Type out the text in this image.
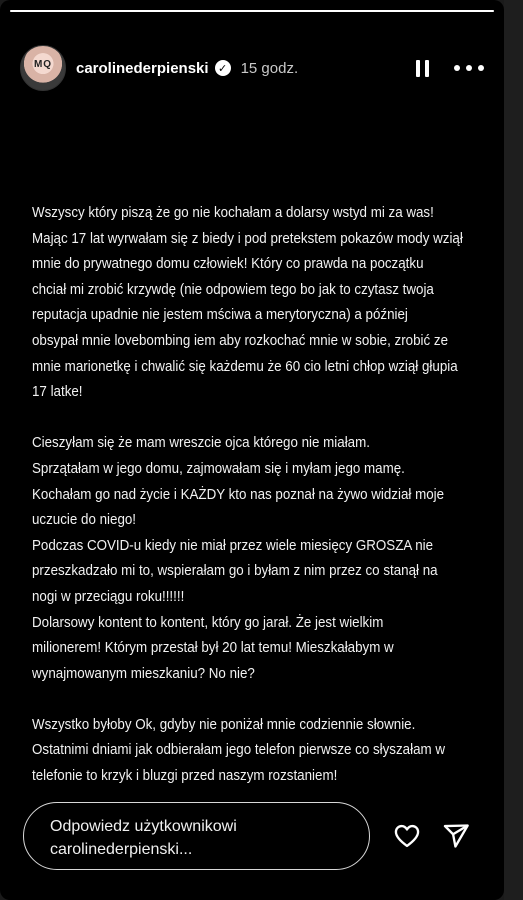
MQ	carolinederpienski ✓ 15 godz.
Wszyscy który piszą że go nie kochałam a dolarsy wstyd mi za was!
Mając 17 lat wyrwałam się z biedy i pod pretekstem pokazów mody wziął
mnie do prywatnego domu człowiek! Który co prawda na początku
chciał mi zrobić krzywdę (nie odpowiem tego bo jak to czytasz twoja
reputacja upadnie nie jestem mściwa a merytoryczna) a później
obsypał mnie lovebombing iem aby rozkochać mnie w sobie, zrobić ze
mnie marionetkę i chwalić się każdemu że 60 cio letni chłop wziął głupia
17 latke!

Cieszyłam się że mam wreszcie ojca którego nie miałam.
Sprzątałam w jego domu, zajmowałam się i myłam jego mamę.
Kochałam go nad życie i KAŻDY kto nas poznał na żywo widział moje
uczucie do niego!
Podczas COVID-u kiedy nie miał przez wiele miesięcy GROSZA nie
przeszkadzało mi to, wspierałam go i byłam z nim przez co stanął na
nogi w przeciągu roku!!!!!!
Dolarsowy kontent to kontent, który go jarał. Że jest wielkim
milionerem! Którym przestał był 20 lat temu! Mieszkałabym w
wynajmowanym mieszkaniu? No nie?

Wszystko byłoby Ok, gdyby nie poniżał mnie codziennie słownie.
Ostatnimi dniami jak odbierałam jego telefon pierwsze co słyszałam w
telefonie to krzyk i bluzgi przed naszym rozstaniem!
Odpowiedz użytkownikowi carolinederpienski...
